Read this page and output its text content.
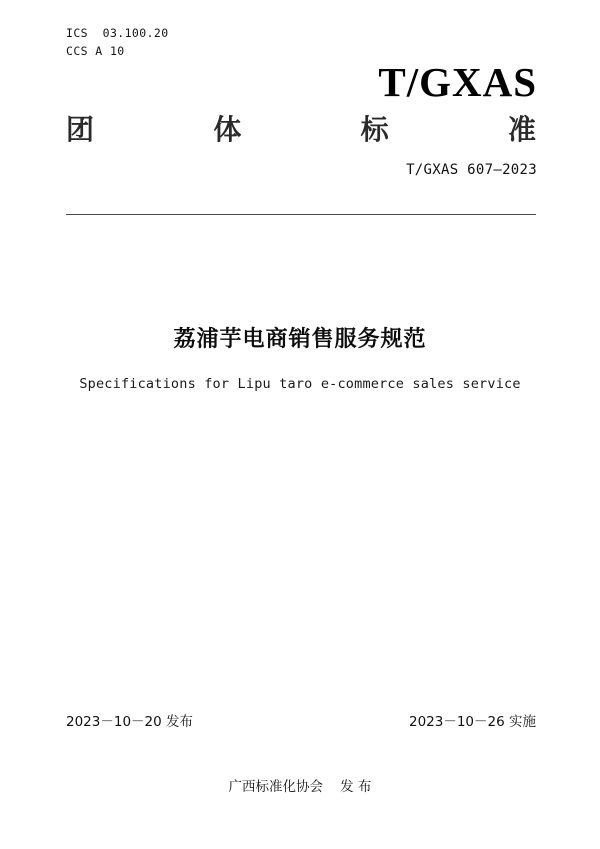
ICS  03.100.20
CCS A 10
T/GXAS
团	体	标	准
T/GXAS 607—2023
荔浦芋电商销售服务规范
Specifications for Lipu taro e-commerce sales service
2023－10－20 发布	2023－10－26 实施
广西标准化协会    发 布
